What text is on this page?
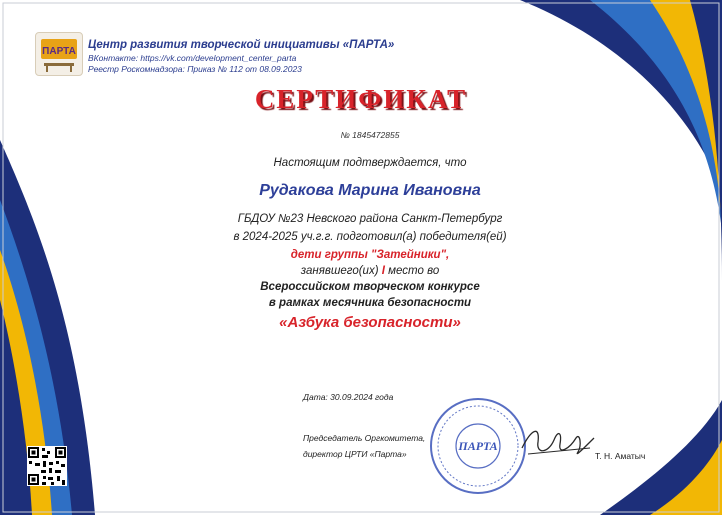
ПАРТА
Центр развития творческой инициативы «ПАРТА»
ВКонтакте: https://vk.com/development_center_parta
Реестр Роскомнадзора: Приказ № 112 от 08.09.2023
СЕРТИФИКАТ
№ 1845472855
Настоящим подтверждается, что
Рудакова Марина Ивановна
ГБДОУ №23 Невского района Санкт-Петербург
в 2024-2025 уч.г.г. подготовил(а) победителя(ей)
дети группы "Затейники",
занявшего(их) I место во
Всероссийском творческом конкурсе
в рамках месячника безопасности
«Азбука безопасности»
Дата: 30.09.2024 года
Председатель Оргкомитета,
директор ЦРТИ «Парта»	Т. Н. Аматыч
ПАРТА
